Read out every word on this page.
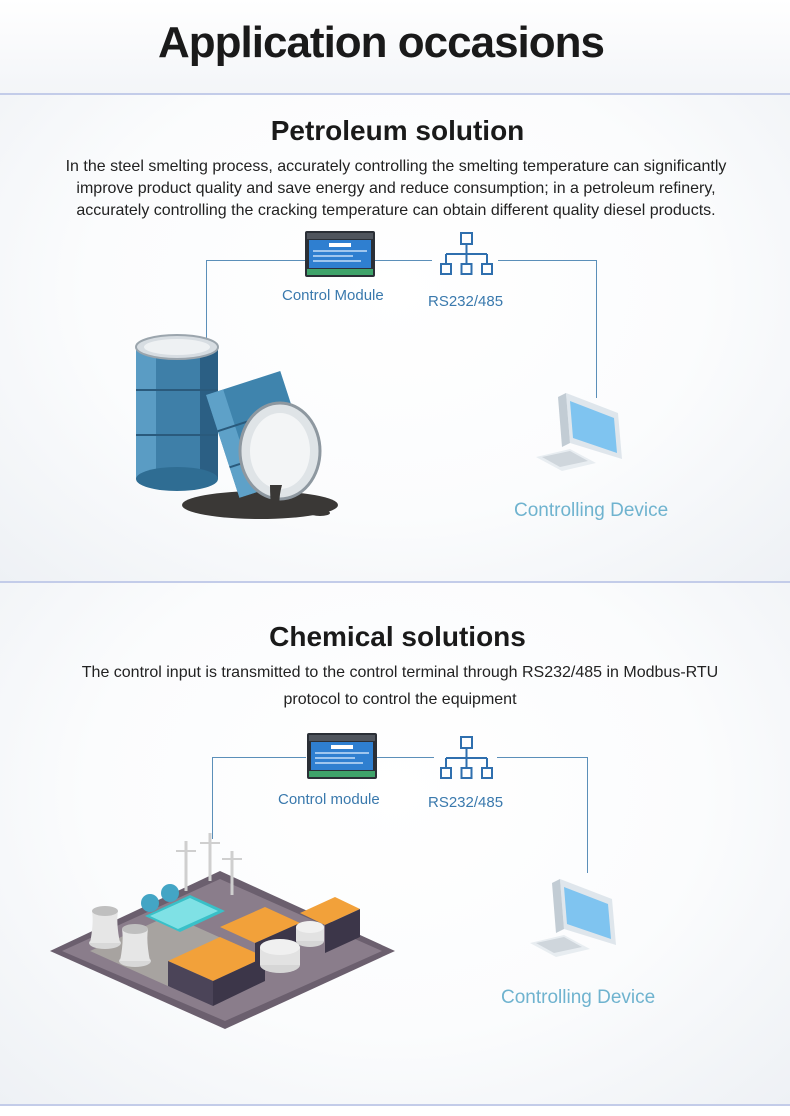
Application occasions
Petroleum solution
In the steel smelting process, accurately controlling the smelting temperature can significantly improve product quality and save energy and reduce consumption; in a petroleum refinery, accurately controlling the cracking temperature can obtain different quality diesel products.
Control Module	RS232/485
Controlling Device
Chemical solutions
The control input is transmitted to the control terminal through RS232/485 in Modbus-RTU protocol to control the equipment
Control module	RS232/485
Controlling Device
